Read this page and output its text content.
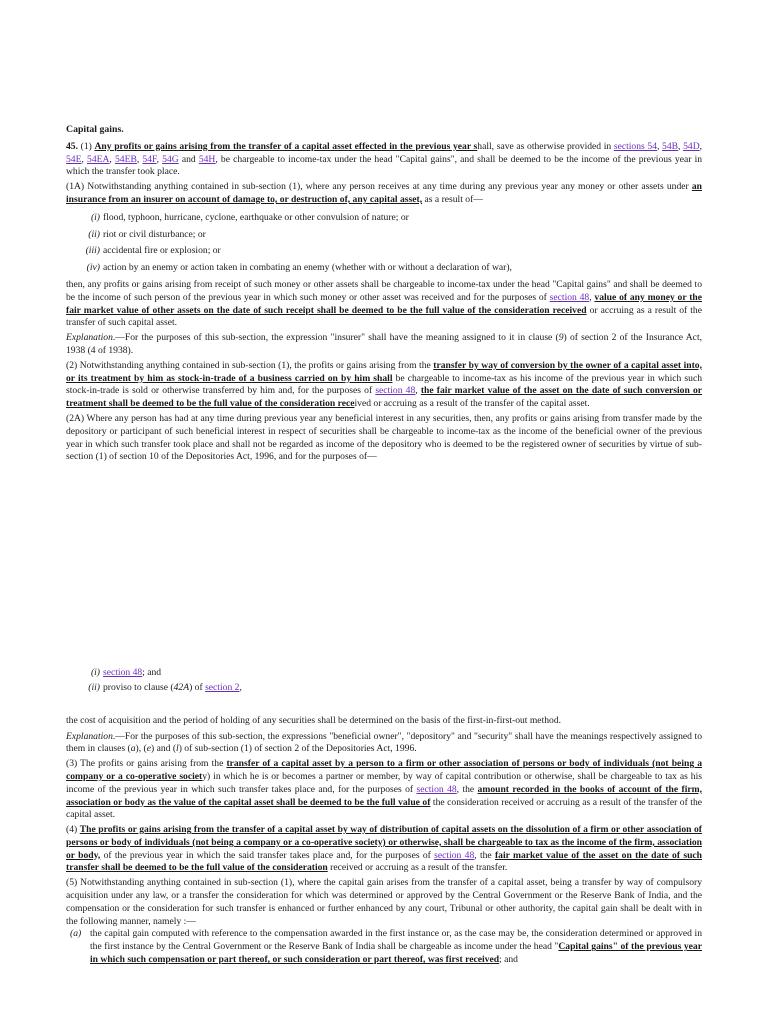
Capital gains.

45. (1) Any profits or gains arising from the transfer of a capital asset effected in the previous year shall, save as otherwise provided in sections 54, 54B, 54D, 54E, 54EA, 54EB, 54F, 54G and 54H, be chargeable to income-tax under the head "Capital gains", and shall be deemed to be the income of the previous year in which the transfer took place.

(1A) Notwithstanding anything contained in sub-section (1), where any person receives at any time during any previous year any money or other assets under an insurance from an insurer on account of damage to, or destruction of, any capital asset, as a result of—

(i) flood, typhoon, hurricane, cyclone, earthquake or other convulsion of nature; or
(ii) riot or civil disturbance; or
(iii) accidental fire or explosion; or
(iv) action by an enemy or action taken in combating an enemy (whether with or without a declaration of war),

then, any profits or gains arising from receipt of such money or other assets shall be chargeable to income-tax under the head "Capital gains" and shall be deemed to be the income of such person of the previous year in which such money or other asset was received and for the purposes of section 48, value of any money or the fair market value of other assets on the date of such receipt shall be deemed to be the full value of the consideration received or accruing as a result of the transfer of such capital asset.

Explanation.—For the purposes of this sub-section, the expression "insurer" shall have the meaning assigned to it in clause (9) of section 2 of the Insurance Act, 1938 (4 of 1938).

(2) Notwithstanding anything contained in sub-section (1), the profits or gains arising from the transfer by way of conversion by the owner of a capital asset into, or its treatment by him as stock-in-trade of a business carried on by him shall be chargeable to income-tax as his income of the previous year in which such stock-in-trade is sold or otherwise transferred by him and, for the purposes of section 48, the fair market value of the asset on the date of such conversion or treatment shall be deemed to be the full value of the consideration received or accruing as a result of the transfer of the capital asset.

(2A) Where any person has had at any time during previous year any beneficial interest in any securities, then, any profits or gains arising from transfer made by the depository or participant of such beneficial interest in respect of securities shall be chargeable to income-tax as the income of the beneficial owner of the previous year in which such transfer took place and shall not be regarded as income of the depository who is deemed to be the registered owner of securities by virtue of sub-section (1) of section 10 of the Depositories Act, 1996, and for the purposes of—

(i) section 48; and
(ii) proviso to clause (42A) of section 2,

the cost of acquisition and the period of holding of any securities shall be determined on the basis of the first-in-first-out method.

Explanation.—For the purposes of this sub-section, the expressions "beneficial owner", "depository" and "security" shall have the meanings respectively assigned to them in clauses (a), (e) and (l) of sub-section (1) of section 2 of the Depositories Act, 1996.

(3) The profits or gains arising from the transfer of a capital asset by a person to a firm or other association of persons or body of individuals (not being a company or a co-operative society) in which he is or becomes a partner or member, by way of capital contribution or otherwise, shall be chargeable to tax as his income of the previous year in which such transfer takes place and, for the purposes of section 48, the amount recorded in the books of account of the firm, association or body as the value of the capital asset shall be deemed to be the full value of the consideration received or accruing as a result of the transfer of the capital asset.

(4) The profits or gains arising from the transfer of a capital asset by way of distribution of capital assets on the dissolution of a firm or other association of persons or body of individuals (not being a company or a co-operative society) or otherwise, shall be chargeable to tax as the income of the firm, association or body, of the previous year in which the said transfer takes place and, for the purposes of section 48, the fair market value of the asset on the date of such transfer shall be deemed to be the full value of the consideration received or accruing as a result of the transfer.

(5) Notwithstanding anything contained in sub-section (1), where the capital gain arises from the transfer of a capital asset, being a transfer by way of compulsory acquisition under any law, or a transfer the consideration for which was determined or approved by the Central Government or the Reserve Bank of India, and the compensation or the consideration for such transfer is enhanced or further enhanced by any court, Tribunal or other authority, the capital gain shall be dealt with in the following manner, namely :—

(a) the capital gain computed with reference to the compensation awarded in the first instance or, as the case may be, the consideration determined or approved in the first instance by the Central Government or the Reserve Bank of India shall be chargeable as income under the head "Capital gains" of the previous year in which such compensation or part thereof, or such consideration or part thereof, was first received; and
